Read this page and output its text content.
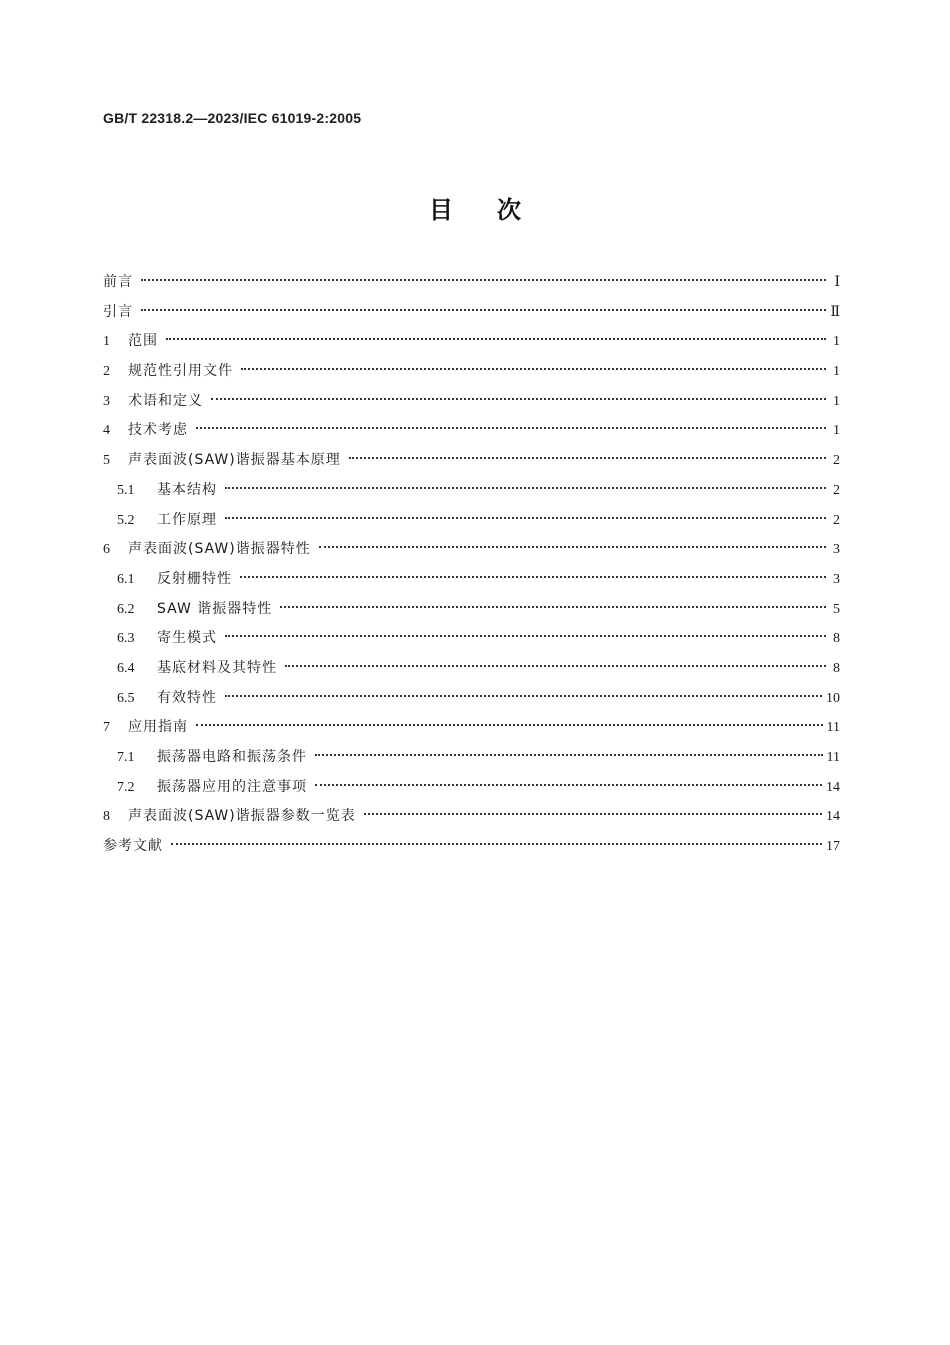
GB/T 22318.2—2023/IEC 61019-2:2005
目次
前言	Ⅰ
引言	Ⅱ
1	范围	1
2	规范性引用文件	1
3	术语和定义	1
4	技术考虑	1
5	声表面波(SAW)谐振器基本原理	2
5.1	基本结构	2
5.2	工作原理	2
6	声表面波(SAW)谐振器特性	3
6.1	反射栅特性	3
6.2	SAW 谐振器特性	5
6.3	寄生模式	8
6.4	基底材料及其特性	8
6.5	有效特性	10
7	应用指南	11
7.1	振荡器电路和振荡条件	11
7.2	振荡器应用的注意事项	14
8	声表面波(SAW)谐振器参数一览表	14
参考文献	17
